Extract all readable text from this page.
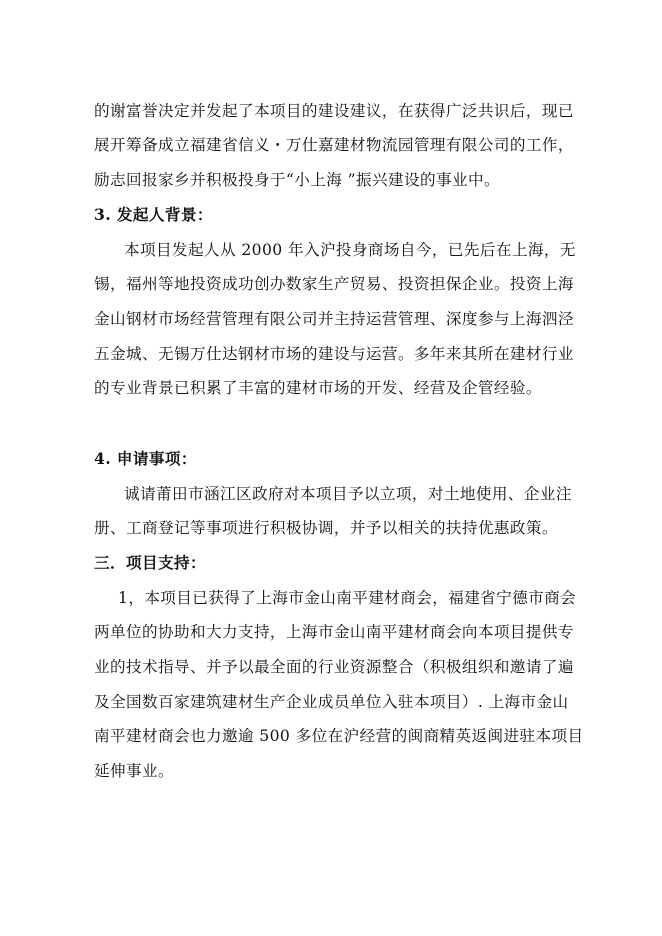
的谢富誉决定并发起了本项目的建设建议，在获得广泛共识后，现已
展开筹备成立福建省信义・万仕嘉建材物流园管理有限公司的工作，
励志回报家乡并积极投身于“小上海 ”振兴建设的事业中。
3. 发起人背景：
本项目发起人从 2000 年入沪投身商场自今，已先后在上海，无
锡，福州等地投资成功创办数家生产贸易、投资担保企业。投资上海
金山钢材市场经营管理有限公司并主持运营管理、深度参与上海泗泾
五金城、无锡万仕达钢材市场的建设与运营。多年来其所在建材行业
的专业背景已积累了丰富的建材市场的开发、经营及企管经验。
4. 申请事项：
诚请莆田市涵江区政府对本项目予以立项，对土地使用、企业注
册、工商登记等事项进行积极协调，并予以相关的扶持优惠政策。
三．项目支持：
1，本项目已获得了上海市金山南平建材商会，福建省宁德市商会
两单位的协助和大力支持，上海市金山南平建材商会向本项目提供专
业的技术指导、并予以最全面的行业资源整合（积极组织和邀请了遍
及全国数百家建筑建材生产企业成员单位入驻本项目）. 上海市金山
南平建材商会也力邀逾 500 多位在沪经营的闽商精英返闽进驻本项目
延伸事业。
